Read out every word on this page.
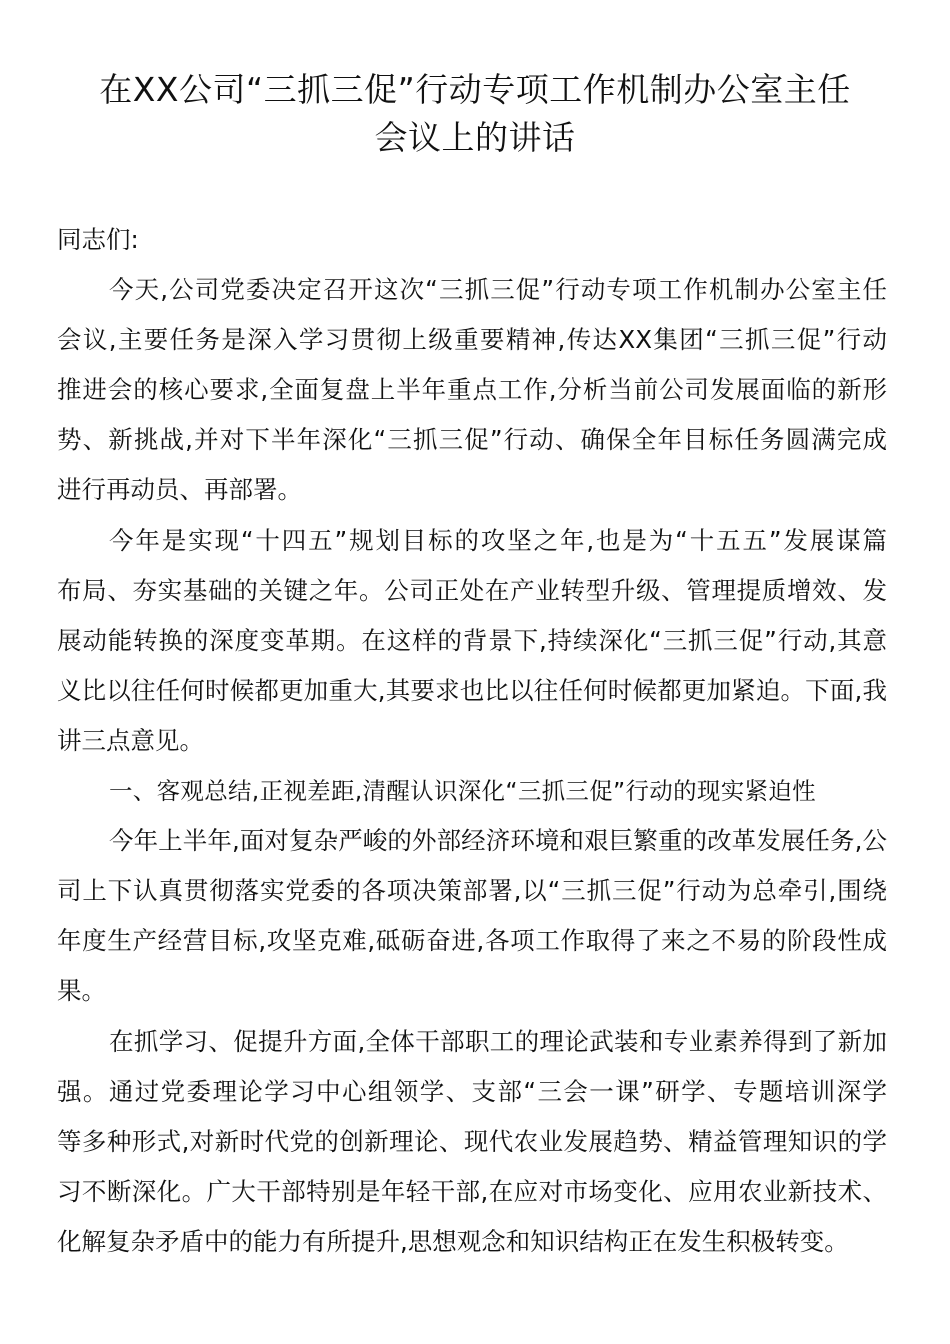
在XX公司“三抓三促”行动专项工作机制办公室主任
会议上的讲话
同志们:
今天,公司党委决定召开这次“三抓三促”行动专项工作机制办公室主任
会议,主要任务是深入学习贯彻上级重要精神,传达XX集团“三抓三促”行动
推进会的核心要求,全面复盘上半年重点工作,分析当前公司发展面临的新形
势、新挑战,并对下半年深化“三抓三促”行动、确保全年目标任务圆满完成
进行再动员、再部署。
今年是实现“十四五”规划目标的攻坚之年,也是为“十五五”发展谋篇
布局、夯实基础的关键之年。公司正处在产业转型升级、管理提质增效、发
展动能转换的深度变革期。在这样的背景下,持续深化“三抓三促”行动,其意
义比以往任何时候都更加重大,其要求也比以往任何时候都更加紧迫。下面,我
讲三点意见。
一、客观总结,正视差距,清醒认识深化“三抓三促”行动的现实紧迫性
今年上半年,面对复杂严峻的外部经济环境和艰巨繁重的改革发展任务,公
司上下认真贯彻落实党委的各项决策部署,以“三抓三促”行动为总牵引,围绕
年度生产经营目标,攻坚克难,砥砺奋进,各项工作取得了来之不易的阶段性成
果。
在抓学习、促提升方面,全体干部职工的理论武装和专业素养得到了新加
强。通过党委理论学习中心组领学、支部“三会一课”研学、专题培训深学
等多种形式,对新时代党的创新理论、现代农业发展趋势、精益管理知识的学
习不断深化。广大干部特别是年轻干部,在应对市场变化、应用农业新技术、
化解复杂矛盾中的能力有所提升,思想观念和知识结构正在发生积极转变。
